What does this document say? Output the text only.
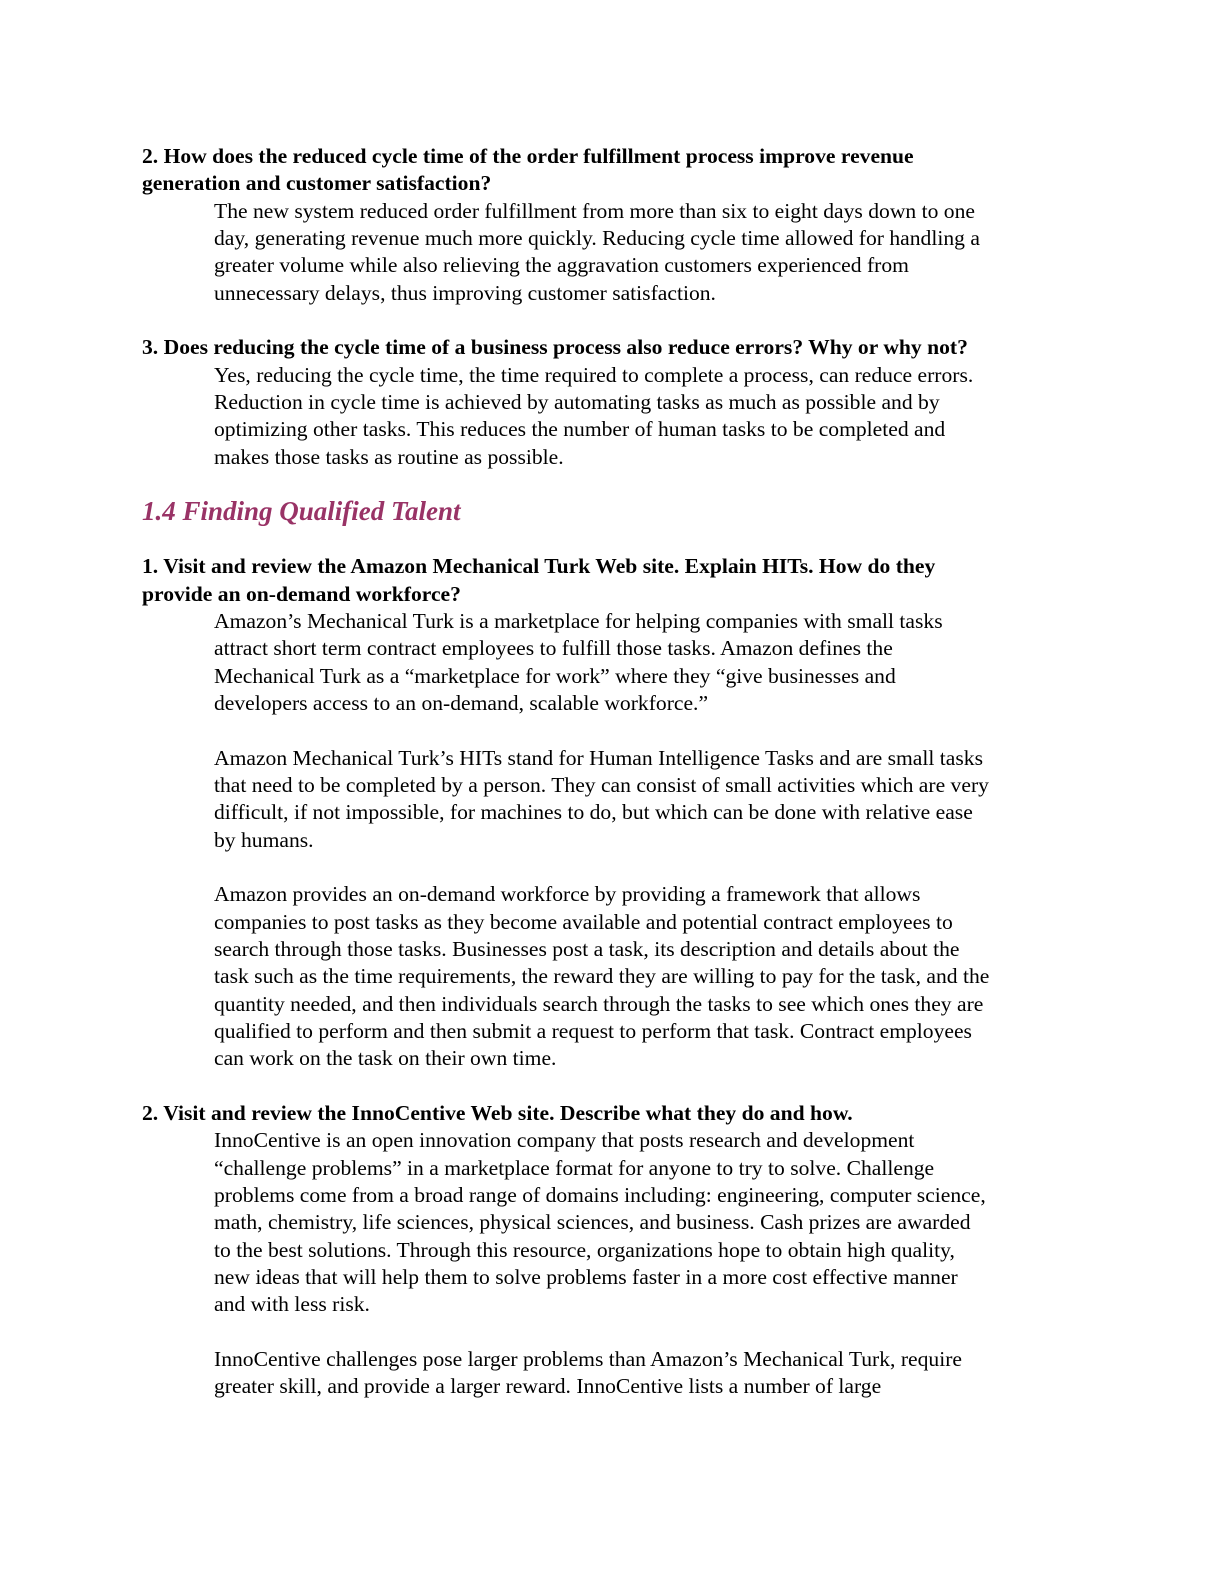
2. How does the reduced cycle time of the order fulfillment process improve revenue
generation and customer satisfaction?
The new system reduced order fulfillment from more than six to eight days down to one
day, generating revenue much more quickly. Reducing cycle time allowed for handling a
greater volume while also relieving the aggravation customers experienced from
unnecessary delays, thus improving customer satisfaction.
3. Does reducing the cycle time of a business process also reduce errors? Why or why not?
Yes, reducing the cycle time, the time required to complete a process, can reduce errors.
Reduction in cycle time is achieved by automating tasks as much as possible and by
optimizing other tasks. This reduces the number of human tasks to be completed and
makes those tasks as routine as possible.
1.4 Finding Qualified Talent
1. Visit and review the Amazon Mechanical Turk Web site. Explain HITs. How do they
provide an on-demand workforce?
Amazon’s Mechanical Turk is a marketplace for helping companies with small tasks
attract short term contract employees to fulfill those tasks. Amazon defines the
Mechanical Turk as a “marketplace for work” where they “give businesses and
developers access to an on-demand, scalable workforce.”
Amazon Mechanical Turk’s HITs stand for Human Intelligence Tasks and are small tasks
that need to be completed by a person. They can consist of small activities which are very
difficult, if not impossible, for machines to do, but which can be done with relative ease
by humans.
Amazon provides an on-demand workforce by providing a framework that allows
companies to post tasks as they become available and potential contract employees to
search through those tasks. Businesses post a task, its description and details about the
task such as the time requirements, the reward they are willing to pay for the task, and the
quantity needed, and then individuals search through the tasks to see which ones they are
qualified to perform and then submit a request to perform that task. Contract employees
can work on the task on their own time.
2. Visit and review the InnoCentive Web site. Describe what they do and how.
InnoCentive is an open innovation company that posts research and development
“challenge problems” in a marketplace format for anyone to try to solve. Challenge
problems come from a broad range of domains including: engineering, computer science,
math, chemistry, life sciences, physical sciences, and business. Cash prizes are awarded
to the best solutions. Through this resource, organizations hope to obtain high quality,
new ideas that will help them to solve problems faster in a more cost effective manner
and with less risk.
InnoCentive challenges pose larger problems than Amazon’s Mechanical Turk, require
greater skill, and provide a larger reward. InnoCentive lists a number of large
